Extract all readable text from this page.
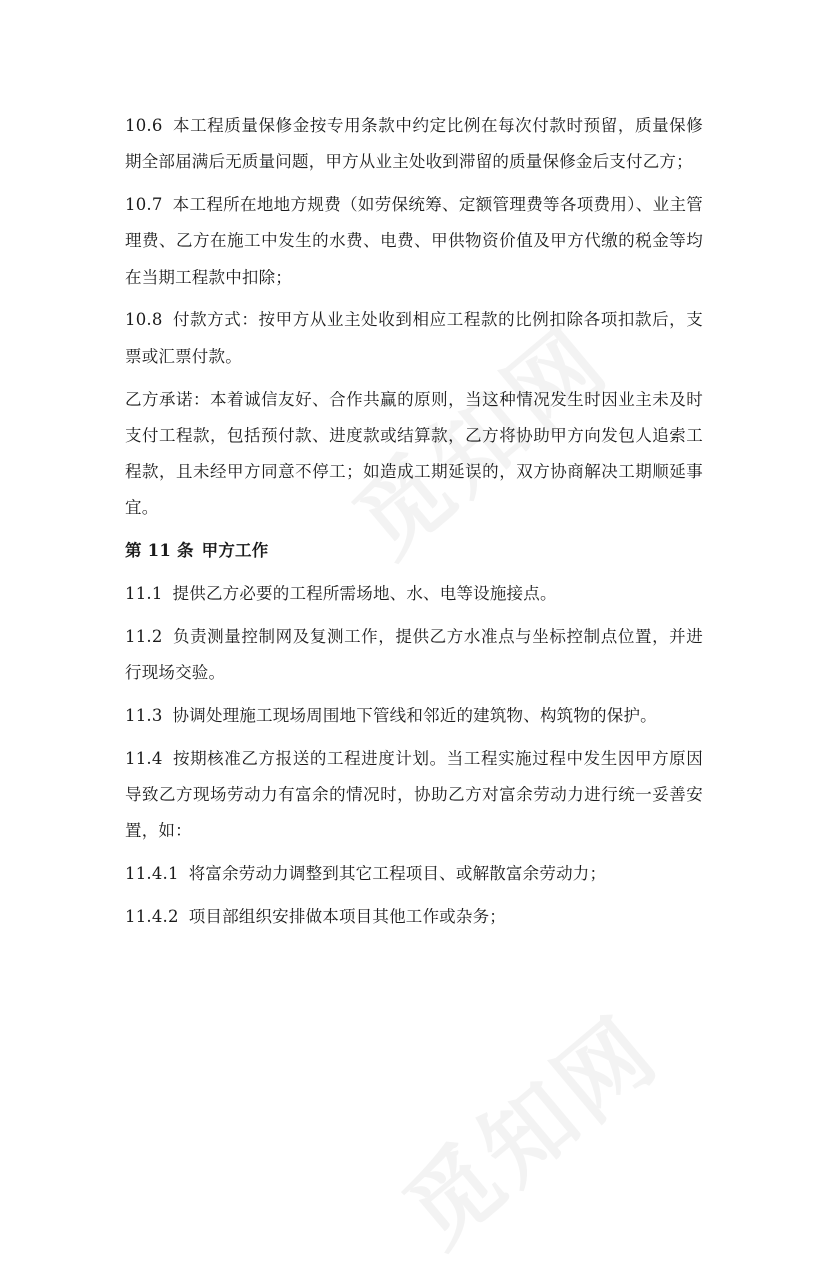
10.6 本工程质量保修金按专用条款中约定比例在每次付款时预留，质量保修期全部届满后无质量问题，甲方从业主处收到滞留的质量保修金后支付乙方；

10.7 本工程所在地地方规费（如劳保统筹、定额管理费等各项费用）、业主管理费、乙方在施工中发生的水费、电费、甲供物资价值及甲方代缴的税金等均在当期工程款中扣除；

10.8 付款方式：按甲方从业主处收到相应工程款的比例扣除各项扣款后，支票或汇票付款。

乙方承诺：本着诚信友好、合作共赢的原则，当这种情况发生时因业主未及时支付工程款，包括预付款、进度款或结算款，乙方将协助甲方向发包人追索工程款，且未经甲方同意不停工；如造成工期延误的，双方协商解决工期顺延事宜。

第 11 条 甲方工作

11.1 提供乙方必要的工程所需场地、水、电等设施接点。

11.2 负责测量控制网及复测工作，提供乙方水准点与坐标控制点位置，并进行现场交验。

11.3 协调处理施工现场周围地下管线和邻近的建筑物、构筑物的保护。

11.4 按期核准乙方报送的工程进度计划。当工程实施过程中发生因甲方原因导致乙方现场劳动力有富余的情况时，协助乙方对富余劳动力进行统一妥善安置，如：

11.4.1 将富余劳动力调整到其它工程项目、或解散富余劳动力；

11.4.2 项目部组织安排做本项目其他工作或杂务；
